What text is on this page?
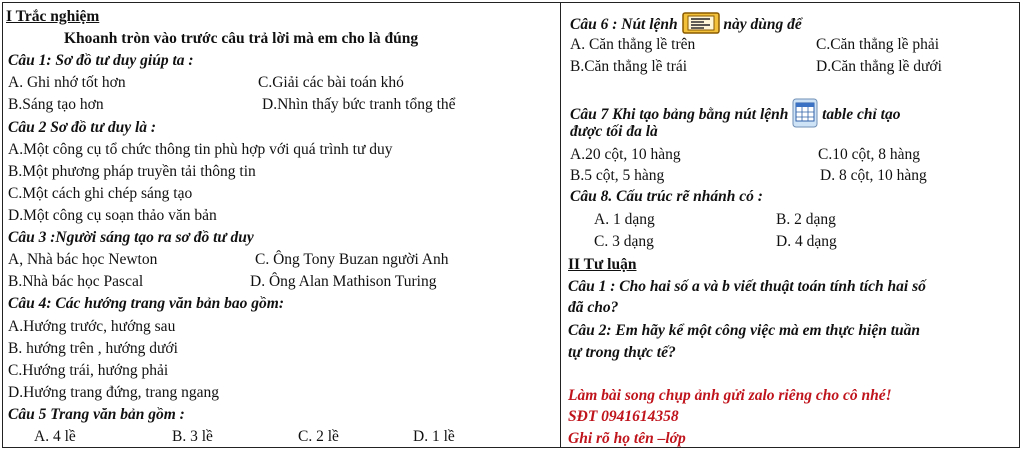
I Trắc nghiệm
Khoanh tròn vào trước câu trả lời mà em cho là đúng
Câu 1: Sơ đồ tư duy giúp ta :
A. Ghi nhớ tốt hơn	C.Giải các bài toán khó
B.Sáng tạo hơn	D.Nhìn thấy bức tranh tổng thể
Câu 2 Sơ đồ tư duy là :
A.Một công cụ tổ chức thông tin phù hợp với quá trình tư duy
B.Một phương pháp truyền tải thông tin
C.Một cách ghi chép sáng tạo
D.Một công cụ soạn thảo văn bản
Câu 3 :Người sáng tạo ra sơ đồ tư duy
A, Nhà bác học Newton	C. Ông Tony Buzan người Anh
B.Nhà bác học Pascal	D. Ông Alan Mathison Turing
Câu 4: Các hướng trang văn bản bao gồm:
A.Hướng trước, hướng sau
B. hướng trên , hướng dưới
C.Hướng trái, hướng phải
D.Hướng trang đứng, trang ngang
Câu 5 Trang văn bản gồm :
A. 4 lề	B. 3 lề	C. 2 lề	D. 1 lề
Câu 6 : Nút lệnh	này dùng để
A. Căn thẳng lề trên	C.Căn thẳng lề phải
B.Căn thẳng lề trái	D.Căn thẳng lề dưới
Câu 7 Khi tạo bảng bằng nút lệnh table chỉ tạo
được tối đa là
A.20 cột, 10 hàng	C.10 cột, 8 hàng
B.5 cột, 5 hàng	D. 8 cột, 10 hàng
Câu 8. Cấu trúc rẽ nhánh có :
A. 1 dạng	B. 2 dạng
C. 3 dạng	D. 4 dạng
II Tư luận
Câu 1 : Cho hai số a và b viết thuật toán tính tích hai số
đã cho?
Câu 2: Em hãy kể một công việc mà em thực hiện tuần
tự trong thực tế?
Làm bài song chụp ảnh gửi zalo riêng cho cô nhé!
SĐT 0941614358
Ghi rõ họ tên –lớp
